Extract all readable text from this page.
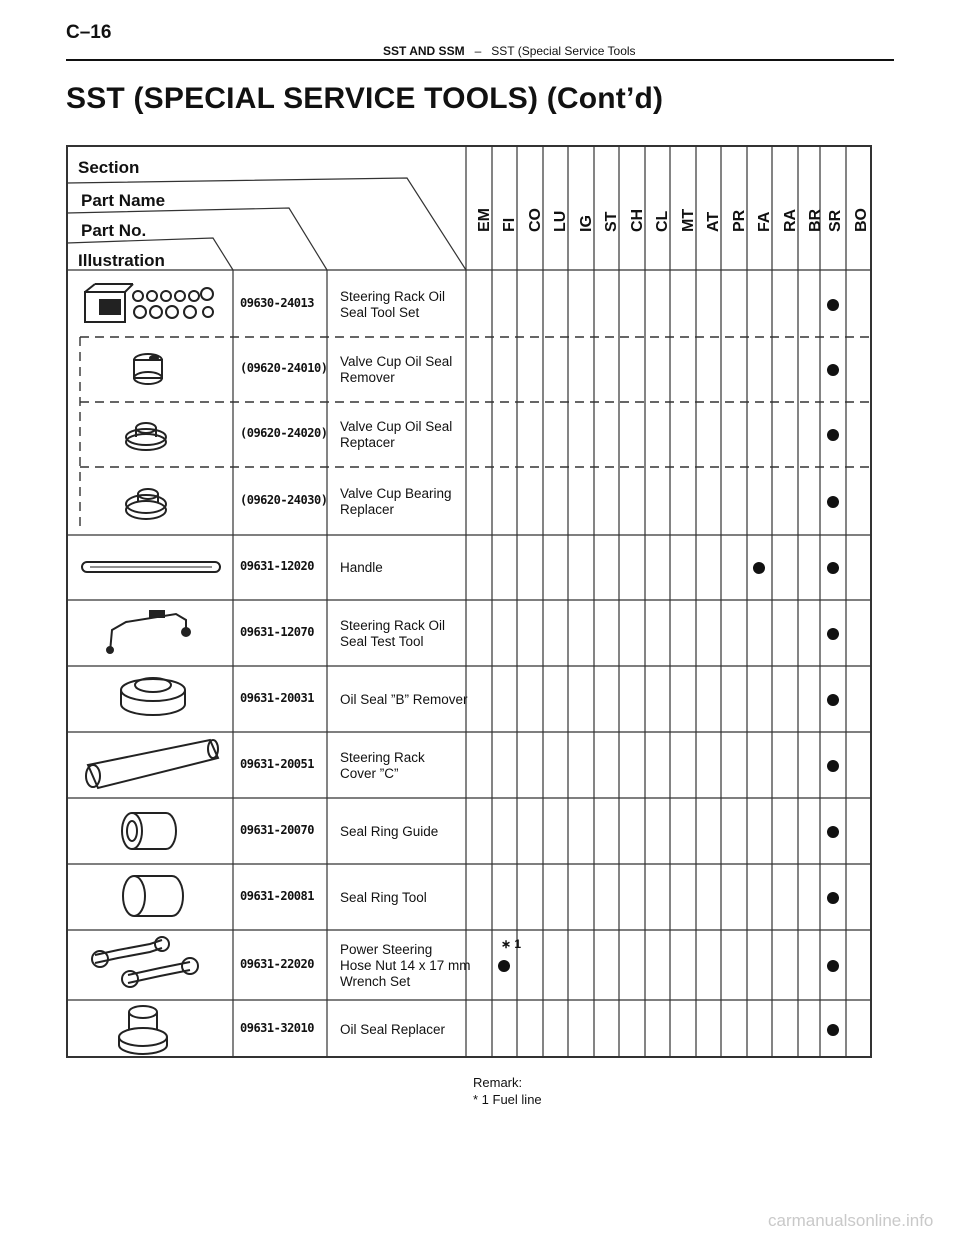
C–16
SST AND SSM – SST (Special Service Tools
SST (SPECIAL SERVICE TOOLS) (Cont’d)
Section
Part Name
Part No.
Illustration
EM FI CO LU IG ST CH CL MT AT PR FA RA BR SR BO
09630-24013 Steering Rack Oil
Seal Tool Set
(09620-24010) Valve Cup Oil Seal
Remover
(09620-24020) Valve Cup Oil Seal
Reptacer
(09620-24030) Valve Cup Bearing
Replacer
09631-12020 Handle
09631-12070 Steering Rack Oil
Seal Test Tool
09631-20031 Oil Seal ”B” Remover
09631-20051 Steering Rack
Cover ”C”
09631-20070 Seal Ring Guide
09631-20081 Seal Ring Tool
09631-22020
Power Steering
Hose Nut 14 x 17 mm
Wrench Set
09631-32010 Oil Seal Replacer
∗ 1
Remark:
* 1 Fuel line
carmanualsonline.info
